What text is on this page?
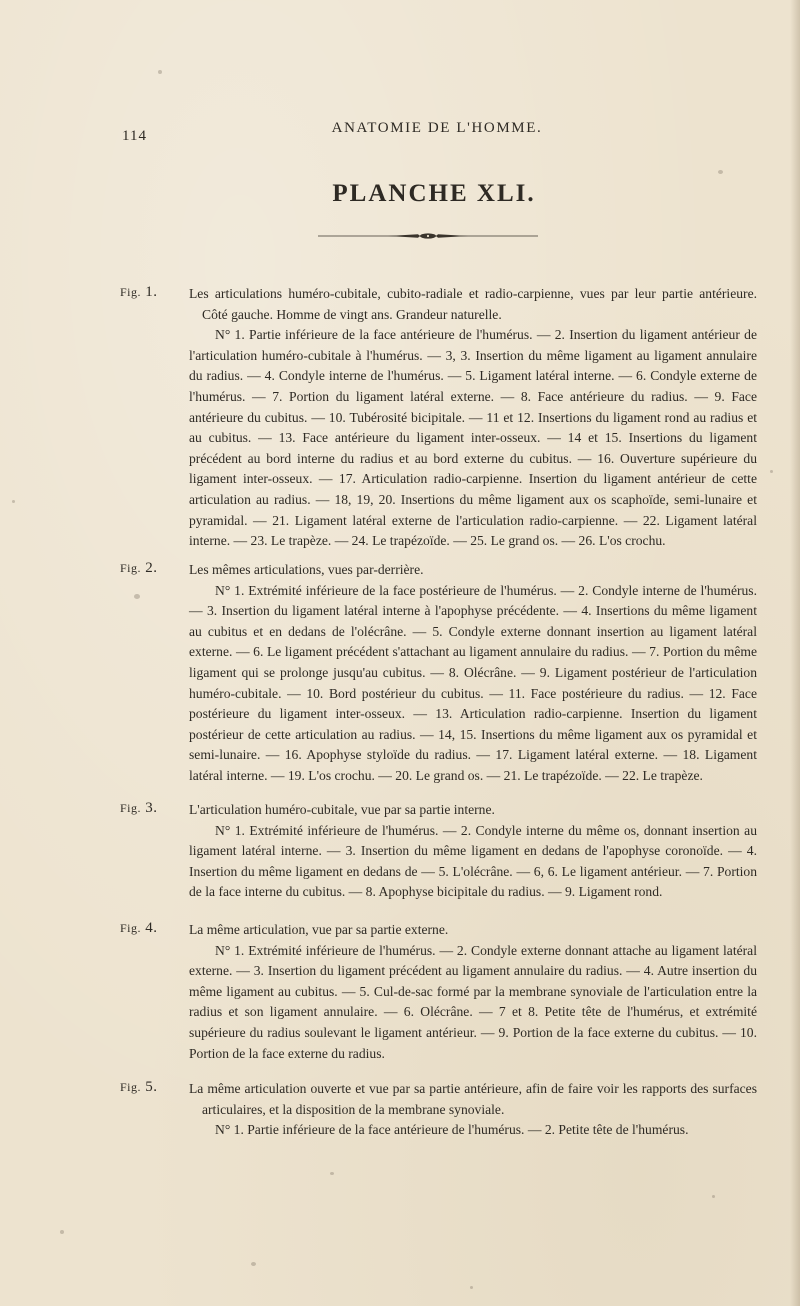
114	ANATOMIE DE L'HOMME.
PLANCHE XLI.
Fig. 1. Les articulations huméro-cubitale, cubito-radiale et radio-carpienne, vues par leur partie antérieure. Côté gauche. Homme de vingt ans. Grandeur naturelle.

N° 1. Partie inférieure de la face antérieure de l'humérus. — 2. Insertion du ligament antérieur de l'articulation huméro-cubitale à l'humérus. — 3, 3. Insertion du même ligament au ligament annulaire du radius. — 4. Condyle interne de l'humérus. — 5. Ligament latéral interne. — 6. Condyle externe de l'humérus. — 7. Portion du ligament latéral externe. — 8. Face antérieure du radius. — 9. Face antérieure du cubitus. — 10. Tubérosité bicipitale. — 11 et 12. Insertions du ligament rond au radius et au cubitus. — 13. Face antérieure du ligament inter-osseux. — 14 et 15. Insertions du ligament précédent au bord interne du radius et au bord externe du cubitus. — 16. Ouverture supérieure du ligament inter-osseux. — 17. Articulation radio-carpienne. Insertion du ligament antérieur de cette articulation au radius. — 18, 19, 20. Insertions du même ligament aux os scaphoïde, semi-lunaire et pyramidal. — 21. Ligament latéral externe de l'articulation radio-carpienne. — 22. Ligament latéral interne. — 23. Le trapèze. — 24. Le trapézoïde. — 25. Le grand os. — 26. L'os crochu.

Fig. 2. Les mêmes articulations, vues par-derrière.

N° 1. Extrémité inférieure de la face postérieure de l'humérus. — 2. Condyle interne de l'humérus. — 3. Insertion du ligament latéral interne à l'apophyse précédente. — 4. Insertions du même ligament au cubitus et en dedans de l'olécrâne. — 5. Condyle externe donnant insertion au ligament latéral externe. — 6. Le ligament précédent s'attachant au ligament annulaire du radius. — 7. Portion du même ligament qui se prolonge jusqu'au cubitus. — 8. Olécrâne. — 9. Ligament postérieur de l'articulation huméro-cubitale. — 10. Bord postérieur du cubitus. — 11. Face postérieure du radius. — 12. Face postérieure du ligament inter-osseux. — 13. Articulation radio-carpienne. Insertion du ligament postérieur de cette articulation au radius. — 14, 15. Insertions du même ligament aux os pyramidal et semi-lunaire. — 16. Apophyse styloïde du radius. — 17. Ligament latéral externe. — 18. Ligament latéral interne. — 19. L'os crochu. — 20. Le grand os. — 21. Le trapézoïde. — 22. Le trapèze.

Fig. 3. L'articulation huméro-cubitale, vue par sa partie interne.

N° 1. Extrémité inférieure de l'humérus. — 2. Condyle interne du même os, donnant insertion au ligament latéral interne. — 3. Insertion du même ligament en dedans de l'apophyse coronoïde. — 4. Insertion du même ligament en dedans de — 5. L'olécrâne. — 6, 6. Le ligament antérieur. — 7. Portion de la face interne du cubitus. — 8. Apophyse bicipitale du radius. — 9. Ligament rond.

Fig. 4. La même articulation, vue par sa partie externe.

N° 1. Extrémité inférieure de l'humérus. — 2. Condyle externe donnant attache au ligament latéral externe. — 3. Insertion du ligament précédent au ligament annulaire du radius. — 4. Autre insertion du même ligament au cubitus. — 5. Cul-de-sac formé par la membrane synoviale de l'articulation entre la radius et son ligament annulaire. — 6. Olécrâne. — 7 et 8. Petite tête de l'humérus, et extrémité supérieure du radius soulevant le ligament antérieur. — 9. Portion de la face externe du cubitus. — 10. Portion de la face externe du radius.

Fig. 5. La même articulation ouverte et vue par sa partie antérieure, afin de faire voir les rapports des surfaces articulaires, et la disposition de la membrane synoviale.

N° 1. Partie inférieure de la face antérieure de l'humérus. — 2. Petite tête de l'humérus.
